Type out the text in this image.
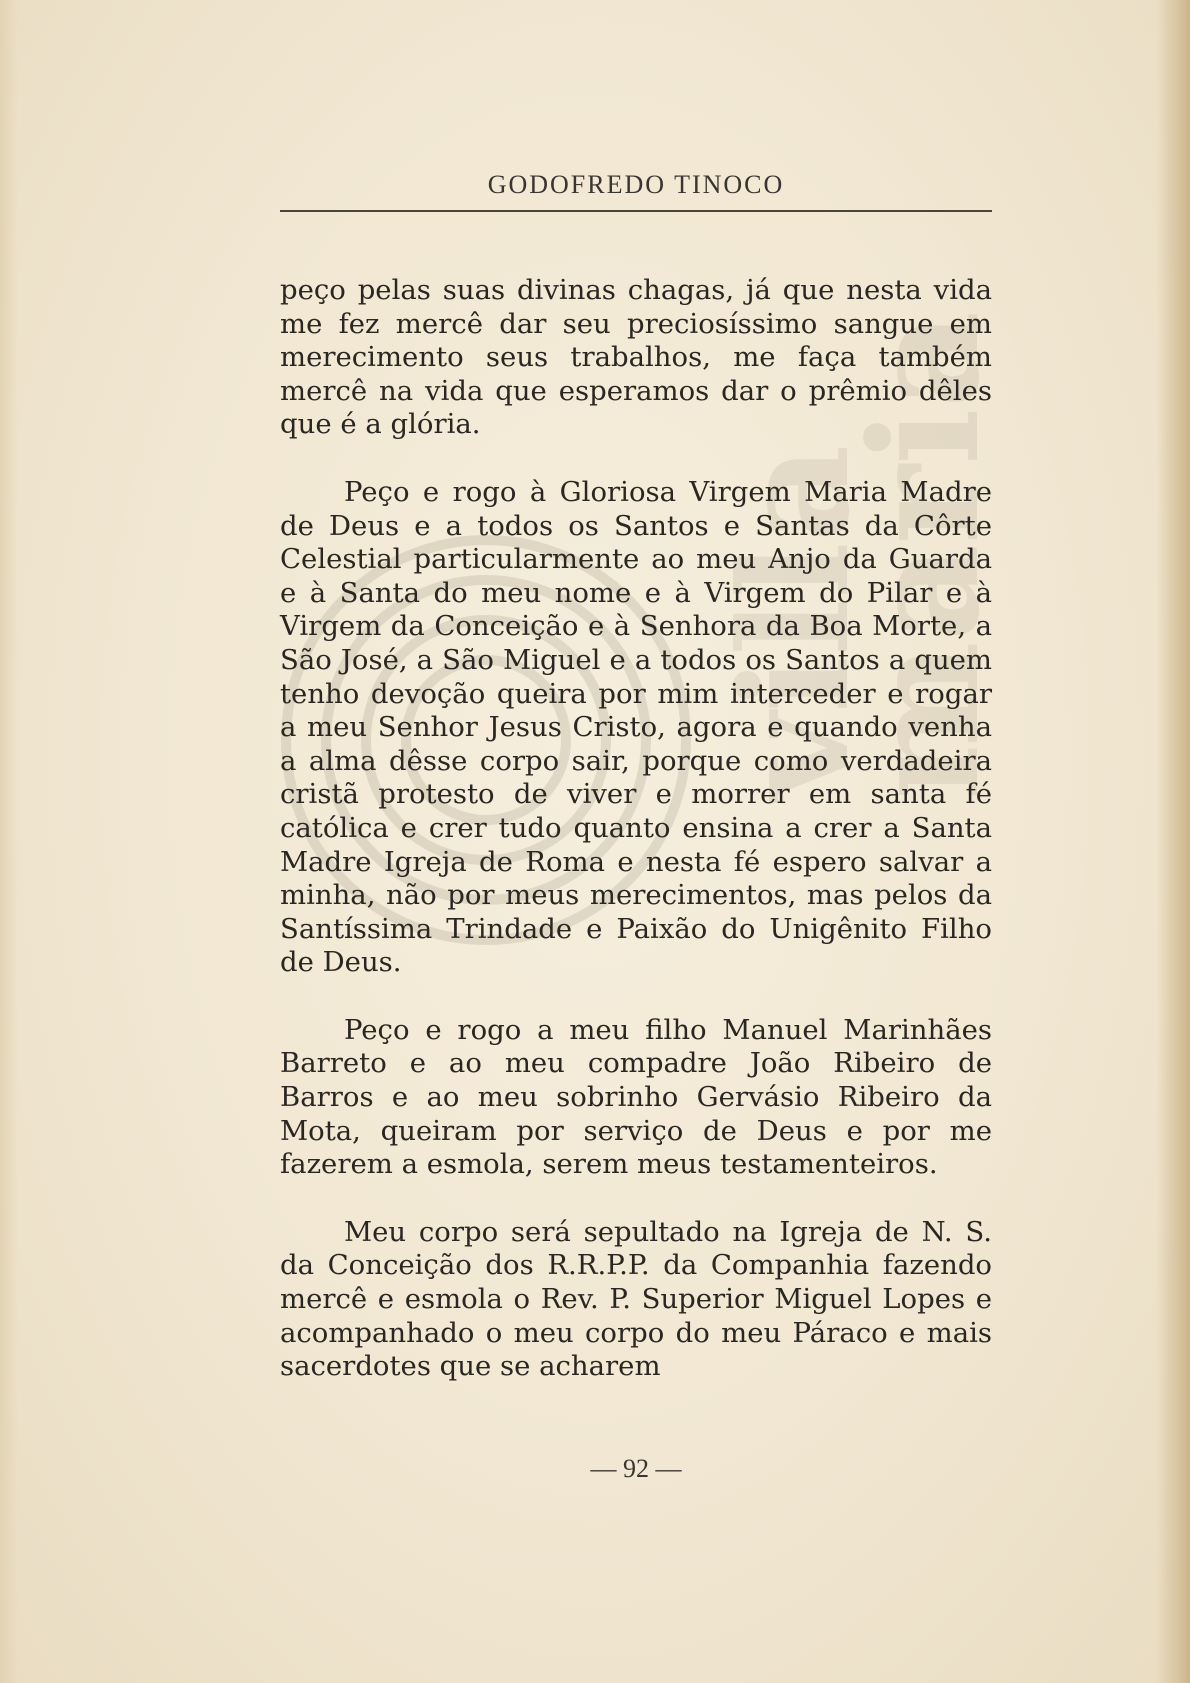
villa maria
GODOFREDO TINOCO

peço pelas suas divinas chagas, já que nesta vida me fez mercê dar seu preciosíssimo sangue em merecimento seus trabalhos, me faça também mercê na vida que esperamos dar o prêmio dêles que é a glória.

Peço e rogo à Gloriosa Virgem Maria Madre de Deus e a todos os Santos e Santas da Côrte Celestial particularmente ao meu Anjo da Guarda e à Santa do meu nome e à Virgem do Pilar e à Virgem da Conceição e à Senhora da Boa Morte, a São José, a São Miguel e a todos os Santos a quem tenho devoção queira por mim interceder e rogar a meu Senhor Jesus Cristo, agora e quando venha a alma dêsse corpo sair, porque como verdadeira cristã protesto de viver e morrer em santa fé católica e crer tudo quanto ensina a crer a Santa Madre Igreja de Roma e nesta fé espero salvar a minha, não por meus merecimentos, mas pelos da Santíssima Trindade e Paixão do Unigênito Filho de Deus.

Peço e rogo a meu filho Manuel Marinhães Barreto e ao meu compadre João Ribeiro de Barros e ao meu sobrinho Gervásio Ribeiro da Mota, queiram por serviço de Deus e por me fazerem a esmola, serem meus testamenteiros.

Meu corpo será sepultado na Igreja de N. S. da Conceição dos R.R.P.P. da Companhia fazendo mercê e esmola o Rev. P. Superior Miguel Lopes e acompanhado o meu corpo do meu Páraco e mais sacerdotes que se acharem

— 92 —
